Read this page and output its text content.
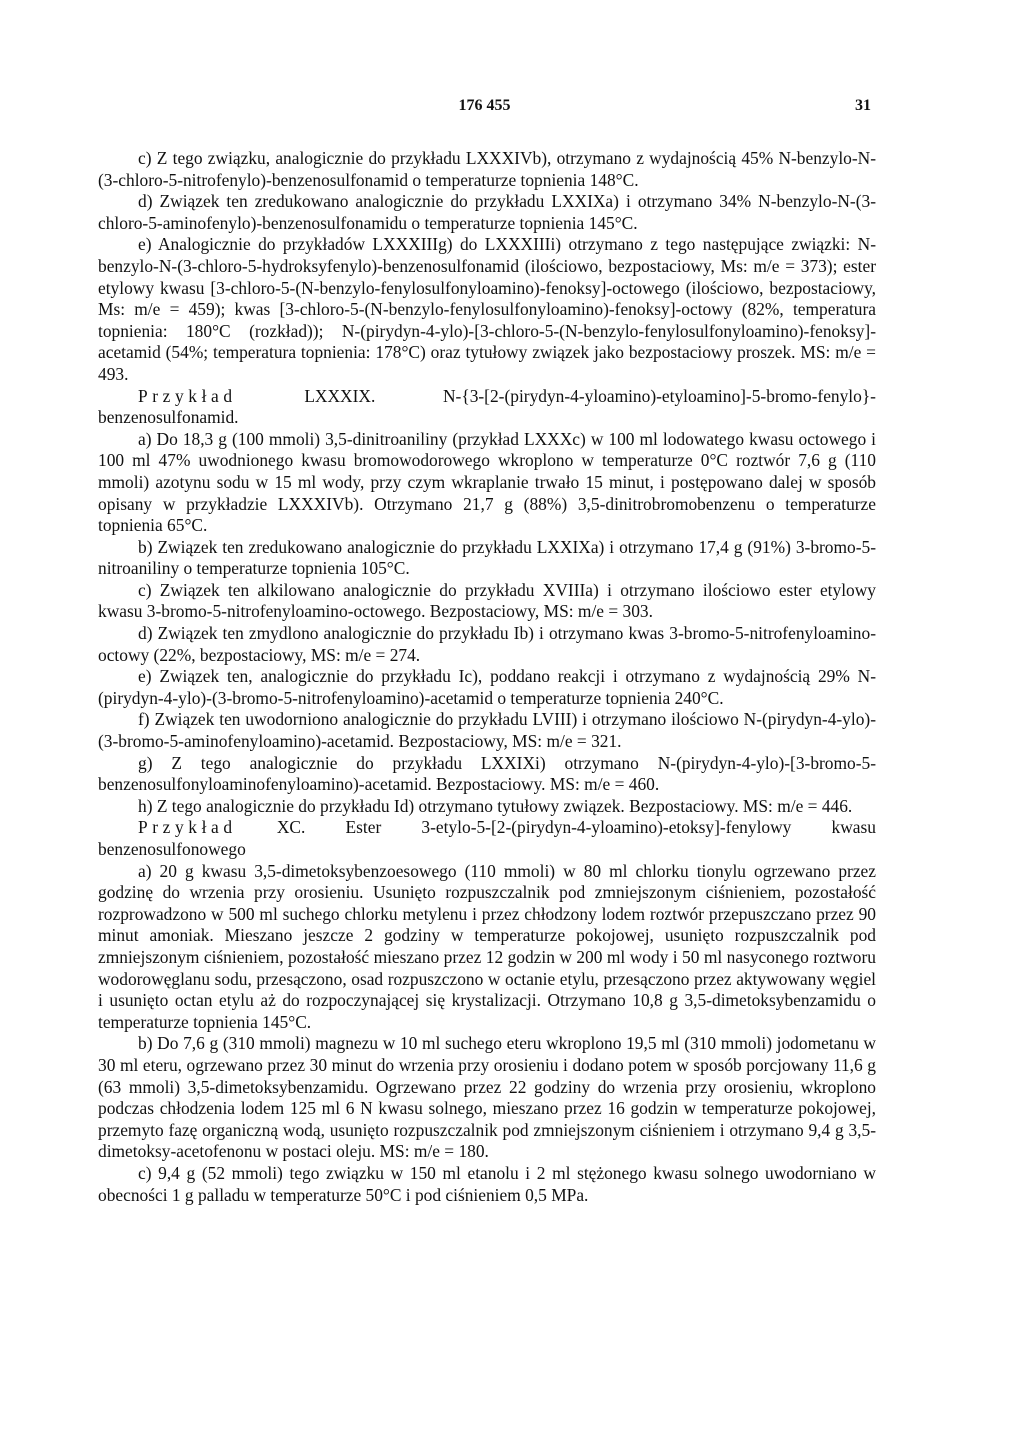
176 455	31

c) Z tego związku, analogicznie do przykładu LXXXIVb), otrzymano z wydajnością 45% N-benzylo-N-(3-chloro-5-nitrofenylo)-benzenosulfonamid o temperaturze topnienia 148°C.

d) Związek ten zredukowano analogicznie do przykładu LXXIXa) i otrzymano 34% N-benzylo-N-(3-chloro-5-aminofenylo)-benzenosulfonamidu o temperaturze topnienia 145°C.

e) Analogicznie do przykładów LXXXIIIg) do LXXXIIIi) otrzymano z tego następujące związki: N-benzylo-N-(3-chloro-5-hydroksyfenylo)-benzenosulfonamid (ilościowo, bezpostaciowy, Ms: m/e = 373); ester etylowy kwasu [3-chloro-5-(N-benzylo-fenylosulfonyloamino)-fenoksy]-octowego (ilościowo, bezpostaciowy, Ms: m/e = 459); kwas [3-chloro-5-(N-benzylo-fenylosulfonyloamino)-fenoksy]-octowy (82%, temperatura topnienia: 180°C (rozkład)); N-(pirydyn-4-ylo)-[3-chloro-5-(N-benzylo-fenylosulfonyloamino)-fenoksy]-acetamid (54%; temperatura topnienia: 178°C) oraz tytułowy związek jako bezpostaciowy proszek. MS: m/e = 493.

Przykład	LXXXIX.	N-{3-[2-(pirydyn-4-yloamino)-etyloamino]-5-bromo-fenylo}-benzenosulfonamid.

a) Do 18,3 g (100 mmoli) 3,5-dinitroaniliny (przykład LXXXc) w 100 ml lodowatego kwasu octowego i 100 ml 47% uwodnionego kwasu bromowodorowego wkroplono w temperaturze 0°C roztwór 7,6 g (110 mmoli) azotynu sodu w 15 ml wody, przy czym wkraplanie trwało 15 minut, i postępowano dalej w sposób opisany w przykładzie LXXXIVb). Otrzymano 21,7 g (88%) 3,5-dinitrobromobenzenu o temperaturze topnienia 65°C.

b) Związek ten zredukowano analogicznie do przykładu LXXIXa) i otrzymano 17,4 g (91%) 3-bromo-5-nitroaniliny o temperaturze topnienia 105°C.

c) Związek ten alkilowano analogicznie do przykładu XVIIIa) i otrzymano ilościowo ester etylowy kwasu 3-bromo-5-nitrofenyloamino-octowego. Bezpostaciowy, MS: m/e = 303.

d) Związek ten zmydlono analogicznie do przykładu Ib) i otrzymano kwas 3-bromo-5-nitrofenyloamino-octowy (22%, bezpostaciowy, MS: m/e = 274.

e) Związek ten, analogicznie do przykładu Ic), poddano reakcji i otrzymano z wydajnością 29% N-(pirydyn-4-ylo)-(3-bromo-5-nitrofenyloamino)-acetamid o temperaturze topnienia 240°C.

f) Związek ten uwodorniono analogicznie do przykładu LVIII) i otrzymano ilościowo N-(pirydyn-4-ylo)-(3-bromo-5-aminofenyloamino)-acetamid. Bezpostaciowy, MS: m/e = 321.

g) Z tego analogicznie do przykładu LXXIXi) otrzymano N-(pirydyn-4-ylo)-[3-bromo-5-benzenosulfonyloaminofenyloamino)-acetamid. Bezpostaciowy. MS: m/e = 460.

h) Z tego analogicznie do przykładu Id) otrzymano tytułowy związek. Bezpostaciowy. MS: m/e = 446.

Przykład XC. Ester 3-etylo-5-[2-(pirydyn-4-yloamino)-etoksy]-fenylowy kwasu benzenosulfonowego

a) 20 g kwasu 3,5-dimetoksybenzoesowego (110 mmoli) w 80 ml chlorku tionylu ogrzewano przez godzinę do wrzenia przy orosieniu. Usunięto rozpuszczalnik pod zmniejszonym ciśnieniem, pozostałość rozprowadzono w 500 ml suchego chlorku metylenu i przez chłodzony lodem roztwór przepuszczano przez 90 minut amoniak. Mieszano jeszcze 2 godziny w temperaturze pokojowej, usunięto rozpuszczalnik pod zmniejszonym ciśnieniem, pozostałość mieszano przez 12 godzin w 200 ml wody i 50 ml nasyconego roztworu wodorowęglanu sodu, przesączono, osad rozpuszczono w octanie etylu, przesączono przez aktywowany węgiel i usunięto octan etylu aż do rozpoczynającej się krystalizacji. Otrzymano 10,8 g 3,5-dimetoksybenzamidu o temperaturze topnienia 145°C.

b) Do 7,6 g (310 mmoli) magnezu w 10 ml suchego eteru wkroplono 19,5 ml (310 mmoli) jodometanu w 30 ml eteru, ogrzewano przez 30 minut do wrzenia przy orosieniu i dodano potem w sposób porcjowany 11,6 g (63 mmoli) 3,5-dimetoksybenzamidu. Ogrzewano przez 22 godziny do wrzenia przy orosieniu, wkroplono podczas chłodzenia lodem 125 ml 6 N kwasu solnego, mieszano przez 16 godzin w temperaturze pokojowej, przemyto fazę organiczną wodą, usunięto rozpuszczalnik pod zmniejszonym ciśnieniem i otrzymano 9,4 g 3,5-dimetoksy-acetofenonu w postaci oleju. MS: m/e = 180.

c) 9,4 g (52 mmoli) tego związku w 150 ml etanolu i 2 ml stężonego kwasu solnego uwodorniano w obecności 1 g palladu w temperaturze 50°C i pod ciśnieniem 0,5 MPa.
